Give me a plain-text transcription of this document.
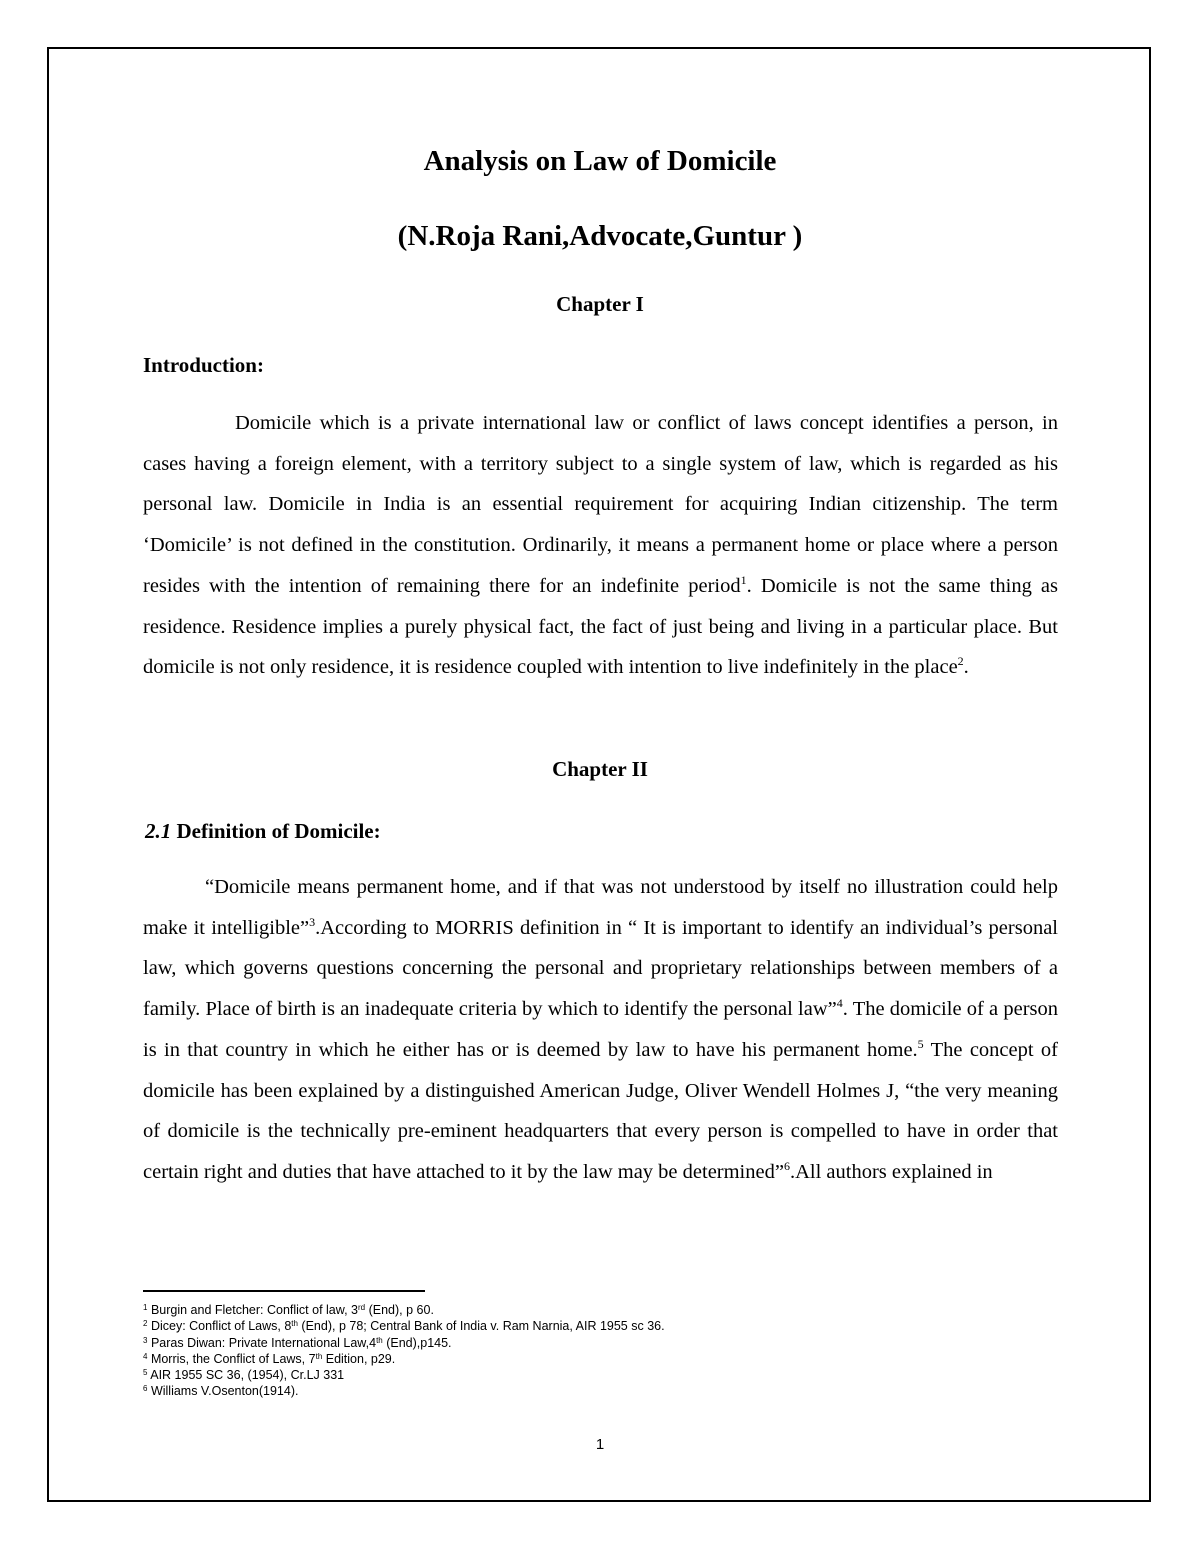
Analysis on Law of Domicile
(N.Roja Rani,Advocate,Guntur )
Chapter I
Introduction:
Domicile which is a private international law or conflict of laws concept identifies a person, in cases having a foreign element, with a territory subject to a single system of law, which is regarded as his personal law. Domicile in India is an essential requirement for acquiring Indian citizenship. The term ‘Domicile’ is not defined in the constitution. Ordinarily, it means a permanent home or place where a person resides with the intention of remaining there for an indefinite period$^1$. Domicile is not the same thing as residence. Residence implies a purely physical fact, the fact of just being and living in a particular place. But domicile is not only residence, it is residence coupled with intention to live indefinitely in the place$^2$.
Chapter II
2.1 Definition of Domicile:
“Domicile means permanent home, and if that was not understood by itself no illustration could help make it intelligible”$^3$.According to MORRIS definition in “ It is important to identify an individual’s personal law, which governs questions concerning the personal and proprietary relationships between members of a family. Place of birth is an inadequate criteria by which to identify the personal law”$^4$. The domicile of a person is in that country in which he either has or is deemed by law to have his permanent home.$^5$ The concept of domicile has been explained by a distinguished American Judge, Oliver Wendell Holmes J, “the very meaning of domicile is the technically pre-eminent headquarters that every person is compelled to have in order that certain right and duties that have attached to it by the law may be determined”$^6$.All authors explained in
$^1$ Burgin and Fletcher: Conflict of law, 3rd (End), p 60.
$^2$ Dicey: Conflict of Laws, 8th (End), p 78; Central Bank of India v. Ram Narnia, AIR 1955 sc 36.
$^3$ Paras Diwan: Private International Law,4th (End),p145.
$^4$ Morris, the Conflict of Laws, 7th Edition, p29.
$^5$ AIR 1955 SC 36, (1954), Cr.LJ 331
$^6$ Williams V.Osenton(1914).
1
